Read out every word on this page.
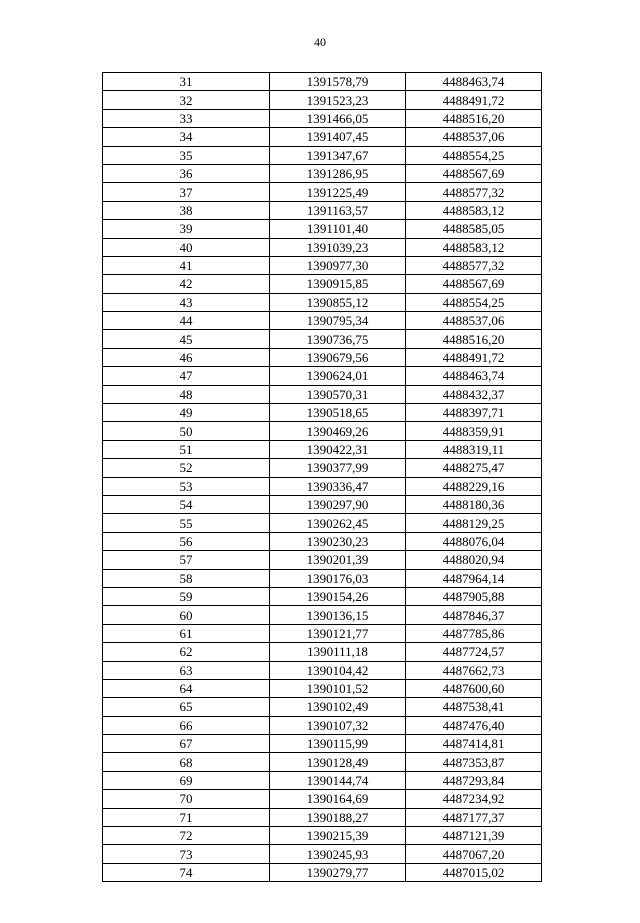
40
31	1391578,79	4488463,74
32	1391523,23	4488491,72
33	1391466,05	4488516,20
34	1391407,45	4488537,06
35	1391347,67	4488554,25
36	1391286,95	4488567,69
37	1391225,49	4488577,32
38	1391163,57	4488583,12
39	1391101,40	4488585,05
40	1391039,23	4488583,12
41	1390977,30	4488577,32
42	1390915,85	4488567,69
43	1390855,12	4488554,25
44	1390795,34	4488537,06
45	1390736,75	4488516,20
46	1390679,56	4488491,72
47	1390624,01	4488463,74
48	1390570,31	4488432,37
49	1390518,65	4488397,71
50	1390469,26	4488359,91
51	1390422,31	4488319,11
52	1390377,99	4488275,47
53	1390336,47	4488229,16
54	1390297,90	4488180,36
55	1390262,45	4488129,25
56	1390230,23	4488076,04
57	1390201,39	4488020,94
58	1390176,03	4487964,14
59	1390154,26	4487905,88
60	1390136,15	4487846,37
61	1390121,77	4487785,86
62	1390111,18	4487724,57
63	1390104,42	4487662,73
64	1390101,52	4487600,60
65	1390102,49	4487538,41
66	1390107,32	4487476,40
67	1390115,99	4487414,81
68	1390128,49	4487353,87
69	1390144,74	4487293,84
70	1390164,69	4487234,92
71	1390188,27	4487177,37
72	1390215,39	4487121,39
73	1390245,93	4487067,20
74	1390279,77	4487015,02
